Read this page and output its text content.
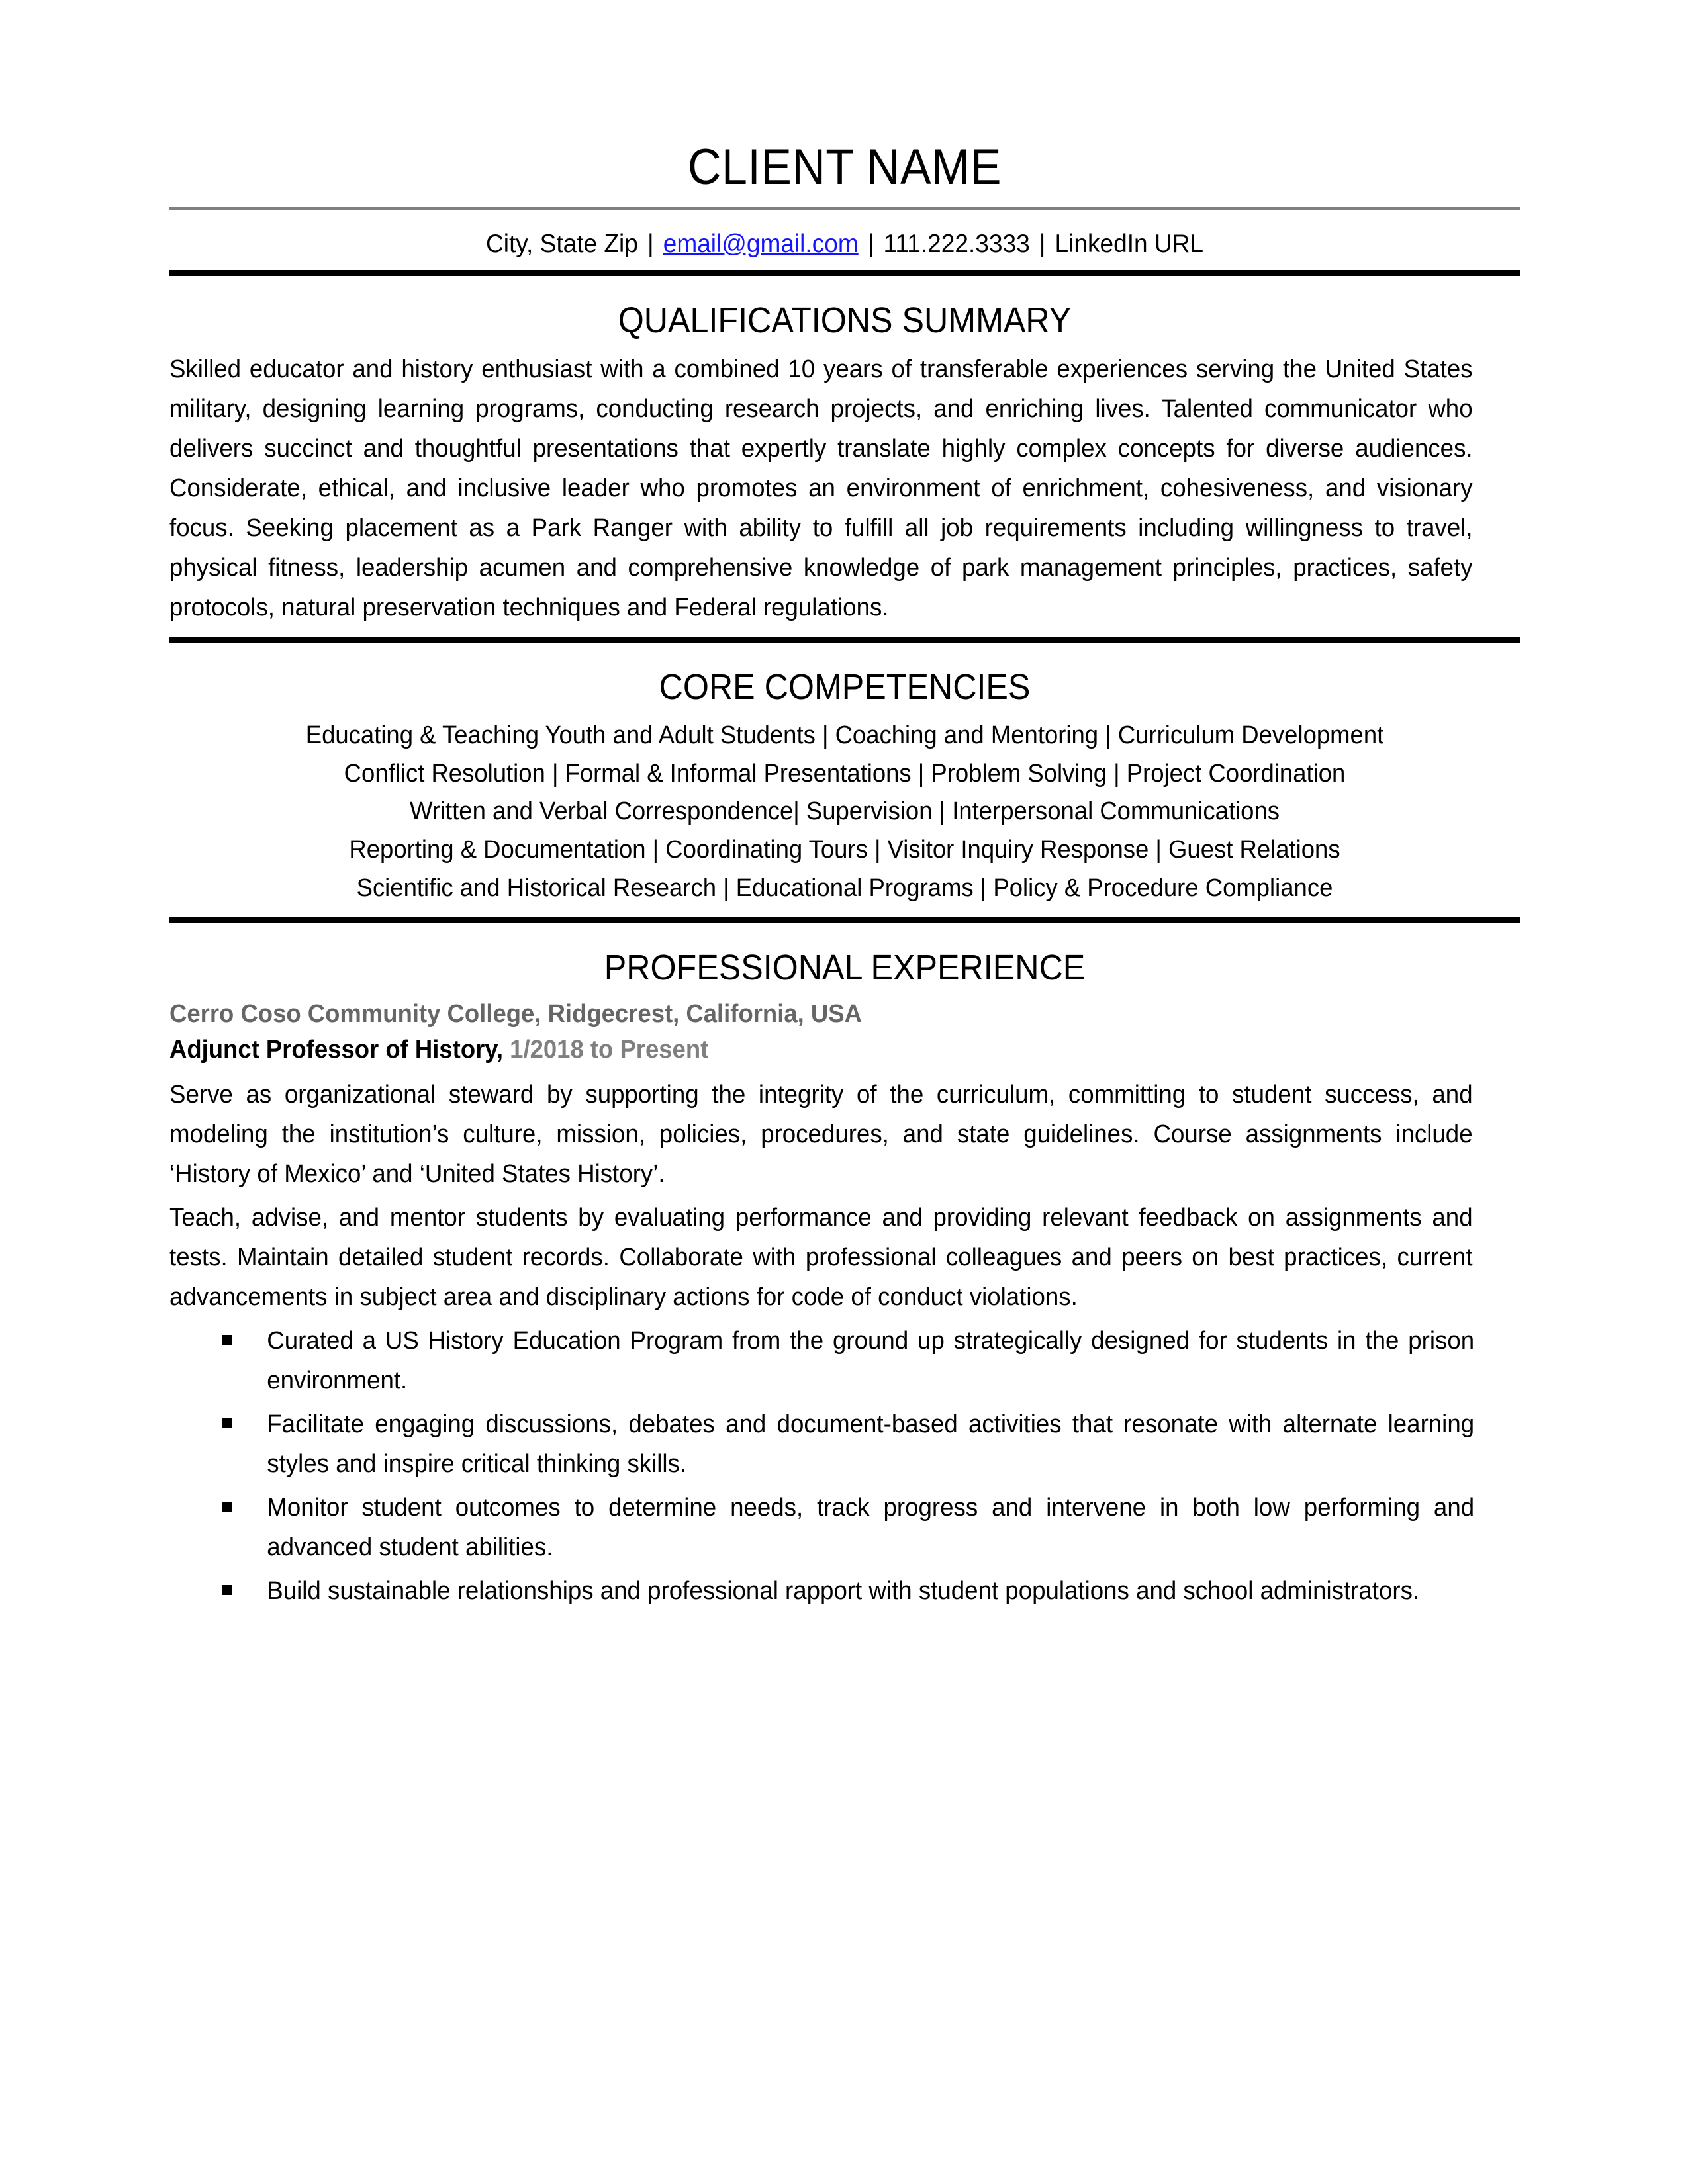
CLIENT NAME
City, State Zip | email@gmail.com | 111.222.3333 | LinkedIn URL
QUALIFICATIONS SUMMARY

Skilled educator and history enthusiast with a combined 10 years of transferable experiences serving the United States military, designing learning programs, conducting research projects, and enriching lives. Talented communicator who delivers succinct and thoughtful presentations that expertly translate highly complex concepts for diverse audiences. Considerate, ethical, and inclusive leader who promotes an environment of enrichment, cohesiveness, and visionary focus. Seeking placement as a Park Ranger with ability to fulfill all job requirements including willingness to travel, physical fitness, leadership acumen and comprehensive knowledge of park management principles, practices, safety protocols, natural preservation techniques and Federal regulations.

CORE COMPETENCIES
Educating & Teaching Youth and Adult Students | Coaching and Mentoring | Curriculum Development
Conflict Resolution | Formal & Informal Presentations | Problem Solving | Project Coordination
Written and Verbal Correspondence| Supervision | Interpersonal Communications
Reporting & Documentation | Coordinating Tours | Visitor Inquiry Response | Guest Relations
Scientific and Historical Research | Educational Programs | Policy & Procedure Compliance
PROFESSIONAL EXPERIENCE
Cerro Coso Community College, Ridgecrest, California, USA
Adjunct Professor of History, 1/2018 to Present

Serve as organizational steward by supporting the integrity of the curriculum, committing to student success, and modeling the institution’s culture, mission, policies, procedures, and state guidelines. Course assignments include ‘History of Mexico’ and ‘United States History’.

Teach, advise, and mentor students by evaluating performance and providing relevant feedback on assignments and tests. Maintain detailed student records. Collaborate with professional colleagues and peers on best practices, current advancements in subject area and disciplinary actions for code of conduct violations.

Curated a US History Education Program from the ground up strategically designed for students in the prison environment.
Facilitate engaging discussions, debates and document-based activities that resonate with alternate learning styles and inspire critical thinking skills.
Monitor student outcomes to determine needs, track progress and intervene in both low performing and advanced student abilities.
Build sustainable relationships and professional rapport with student populations and school administrators.
